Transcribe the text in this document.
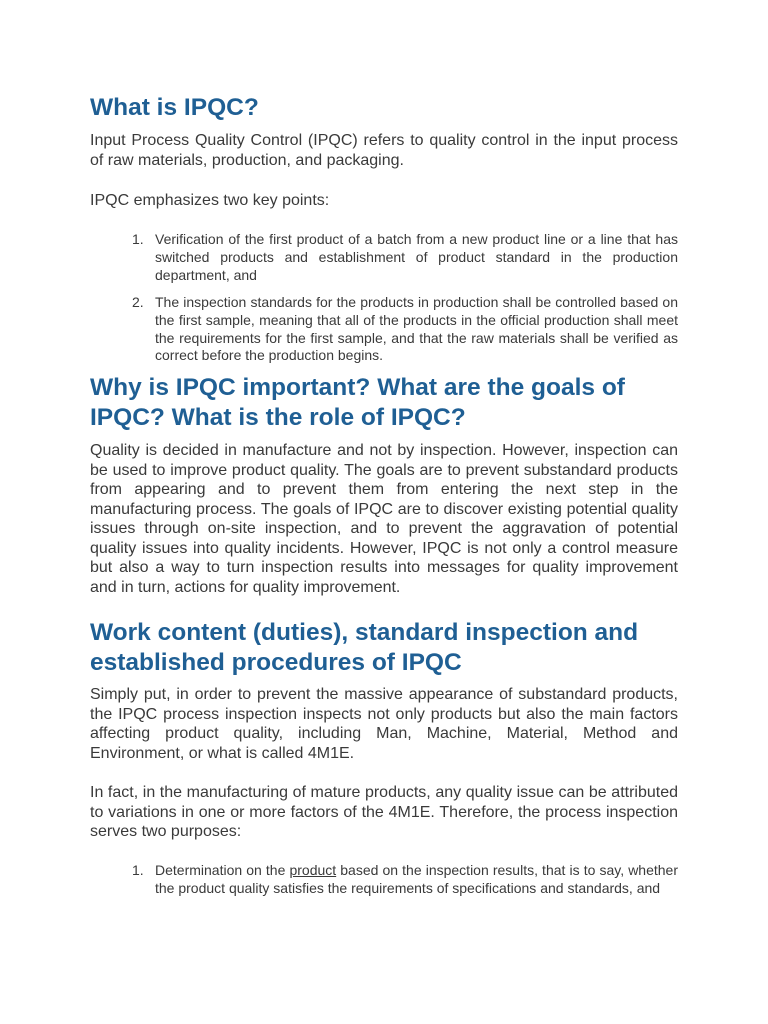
What is IPQC?

Input Process Quality Control (IPQC) refers to quality control in the input process of raw materials, production, and packaging.

IPQC emphasizes two key points:

1. Verification of the first product of a batch from a new product line or a line that has switched products and establishment of product standard in the production department, and
2. The inspection standards for the products in production shall be controlled based on the first sample, meaning that all of the products in the official production shall meet the requirements for the first sample, and that the raw materials shall be verified as correct before the production begins.
Why is IPQC important? What are the goals of IPQC? What is the role of IPQC?

Quality is decided in manufacture and not by inspection. However, inspection can be used to improve product quality. The goals are to prevent substandard products from appearing and to prevent them from entering the next step in the manufacturing process. The goals of IPQC are to discover existing potential quality issues through on-site inspection, and to prevent the aggravation of potential quality issues into quality incidents. However, IPQC is not only a control measure but also a way to turn inspection results into messages for quality improvement and in turn, actions for quality improvement.

Work content (duties), standard inspection and established procedures of IPQC

Simply put, in order to prevent the massive appearance of substandard products, the IPQC process inspection inspects not only products but also the main factors affecting product quality, including Man, Machine, Material, Method and Environment, or what is called 4M1E.

In fact, in the manufacturing of mature products, any quality issue can be attributed to variations in one or more factors of the 4M1E. Therefore, the process inspection serves two purposes:

1. Determination on the product based on the inspection results, that is to say, whether the product quality satisfies the requirements of specifications and standards, and
